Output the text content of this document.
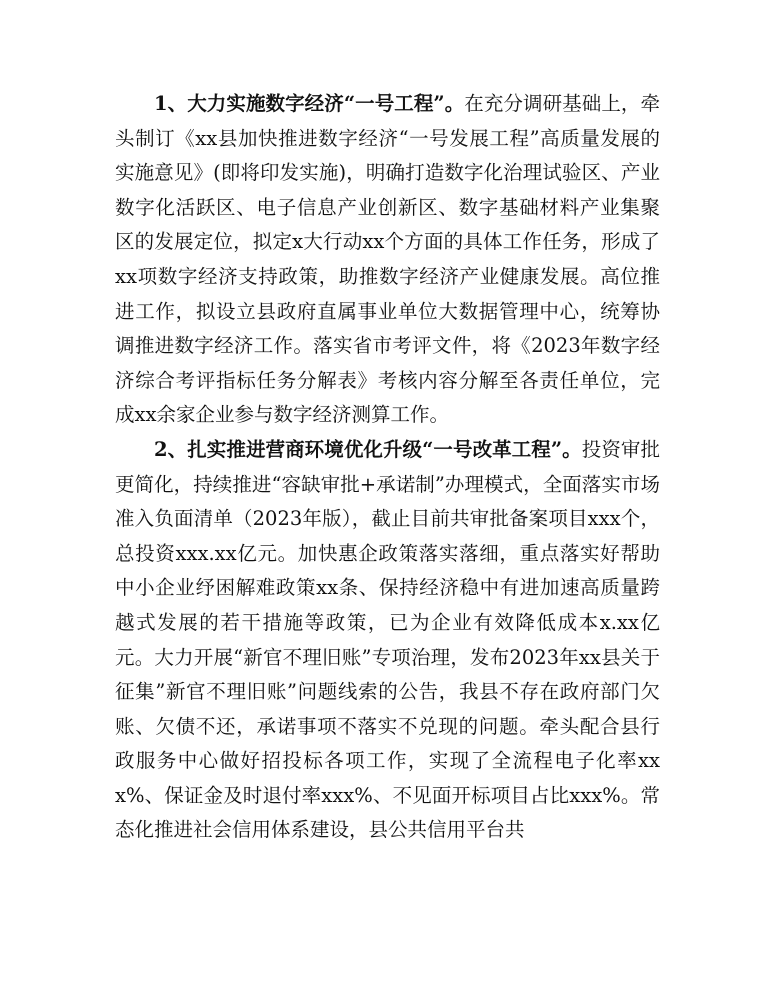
1、大力实施数字经济“一号工程”。在充分调研基础上，牵头制订《xx县加快推进数字经济“一号发展工程”高质量发展的实施意见》(即将印发实施)，明确打造数字化治理试验区、产业数字化活跃区、电子信息产业创新区、数字基础材料产业集聚区的发展定位，拟定x大行动xx个方面的具体工作任务，形成了xx项数字经济支持政策，助推数字经济产业健康发展。高位推进工作，拟设立县政府直属事业单位大数据管理中心，统筹协调推进数字经济工作。落实省市考评文件，将《2023年数字经济综合考评指标任务分解表》考核内容分解至各责任单位，完成xx余家企业参与数字经济测算工作。

2、扎实推进营商环境优化升级“一号改革工程”。投资审批更简化，持续推进“容缺审批+承诺制”办理模式，全面落实市场准入负面清单（2023年版），截止目前共审批备案项目xxx个，总投资xxx.xx亿元。加快惠企政策落实落细，重点落实好帮助中小企业纾困解难政策xx条、保持经济稳中有进加速高质量跨越式发展的若干措施等政策，已为企业有效降低成本x.xx亿元。大力开展“新官不理旧账”专项治理，发布2023年xx县关于征集”新官不理旧账”问题线索的公告，我县不存在政府部门欠账、欠债不还，承诺事项不落实不兑现的问题。牵头配合县行政服务中心做好招投标各项工作，实现了全流程电子化率xxx%、保证金及时退付率xxx%、不见面开标项目占比xxx%。常态化推进社会信用体系建设，县公共信用平台共
